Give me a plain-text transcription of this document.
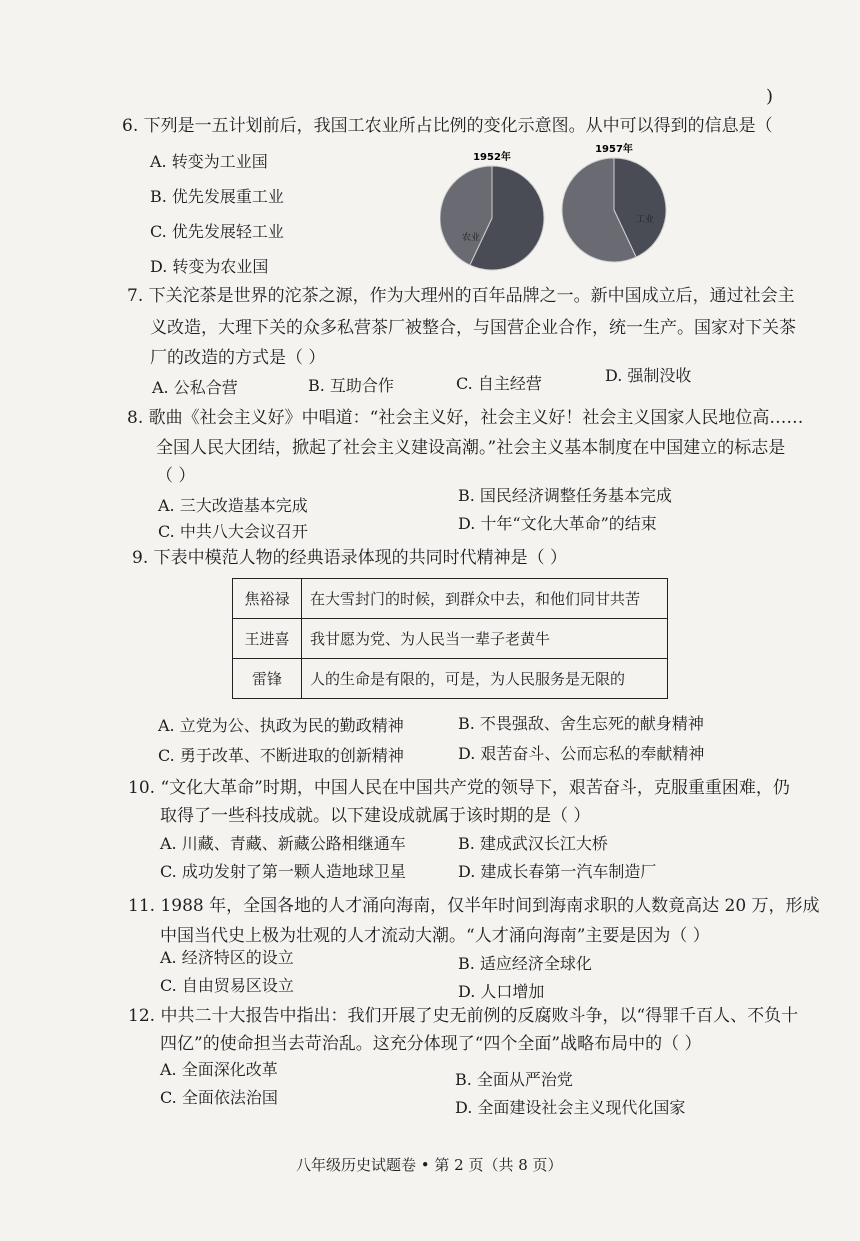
)
6. 下列是一五计划前后，我国工农业所占比例的变化示意图。从中可以得到的信息是（
A. 转变为工业国
B. 优先发展重工业
C. 优先发展轻工业
D. 转变为农业国
1952年
1957年
农业
工业
7. 下关沱茶是世界的沱茶之源，作为大理州的百年品牌之一。新中国成立后，通过社会主
义改造，大理下关的众多私营茶厂被整合，与国营企业合作，统一生产。国家对下关茶
厂的改造的方式是（ ）
A. 公私合营	B. 互助合作	C. 自主经营	D. 强制没收
8. 歌曲《社会主义好》中唱道：“社会主义好，社会主义好！社会主义国家人民地位高……
全国人民大团结，掀起了社会主义建设高潮。”社会主义基本制度在中国建立的标志是
（ ）
A. 三大改造基本完成
B. 国民经济调整任务基本完成
C. 中共八大会议召开	D. 十年“文化大革命”的结束
9. 下表中模范人物的经典语录体现的共同时代精神是（ ）
焦裕禄	在大雪封门的时候，到群众中去，和他们同甘共苦
王进喜	我甘愿为党、为人民当一辈子老黄牛
雷锋	人的生命是有限的，可是，为人民服务是无限的
A. 立党为公、执政为民的勤政精神	B. 不畏强敌、舍生忘死的献身精神
C. 勇于改革、不断进取的创新精神	D. 艰苦奋斗、公而忘私的奉献精神
10. “文化大革命”时期，中国人民在中国共产党的领导下，艰苦奋斗，克服重重困难，仍
取得了一些科技成就。以下建设成就属于该时期的是（ ）
A. 川藏、青藏、新藏公路相继通车	B. 建成武汉长江大桥
C. 成功发射了第一颗人造地球卫星	D. 建成长春第一汽车制造厂
11. 1988 年，全国各地的人才涌向海南，仅半年时间到海南求职的人数竟高达 20 万，形成
中国当代史上极为壮观的人才流动大潮。“人才涌向海南”主要是因为（ ）
A. 经济特区的设立	B. 适应经济全球化
C. 自由贸易区设立	D. 人口增加
12. 中共二十大报告中指出：我们开展了史无前例的反腐败斗争，以“得罪千百人、不负十
四亿”的使命担当去苛治乱。这充分体现了“四个全面”战略布局中的（ ）
A. 全面深化改革
B. 全面从严治党
C. 全面依法治国
D. 全面建设社会主义现代化国家
八年级历史试题卷 • 第 2 页（共 8 页）
